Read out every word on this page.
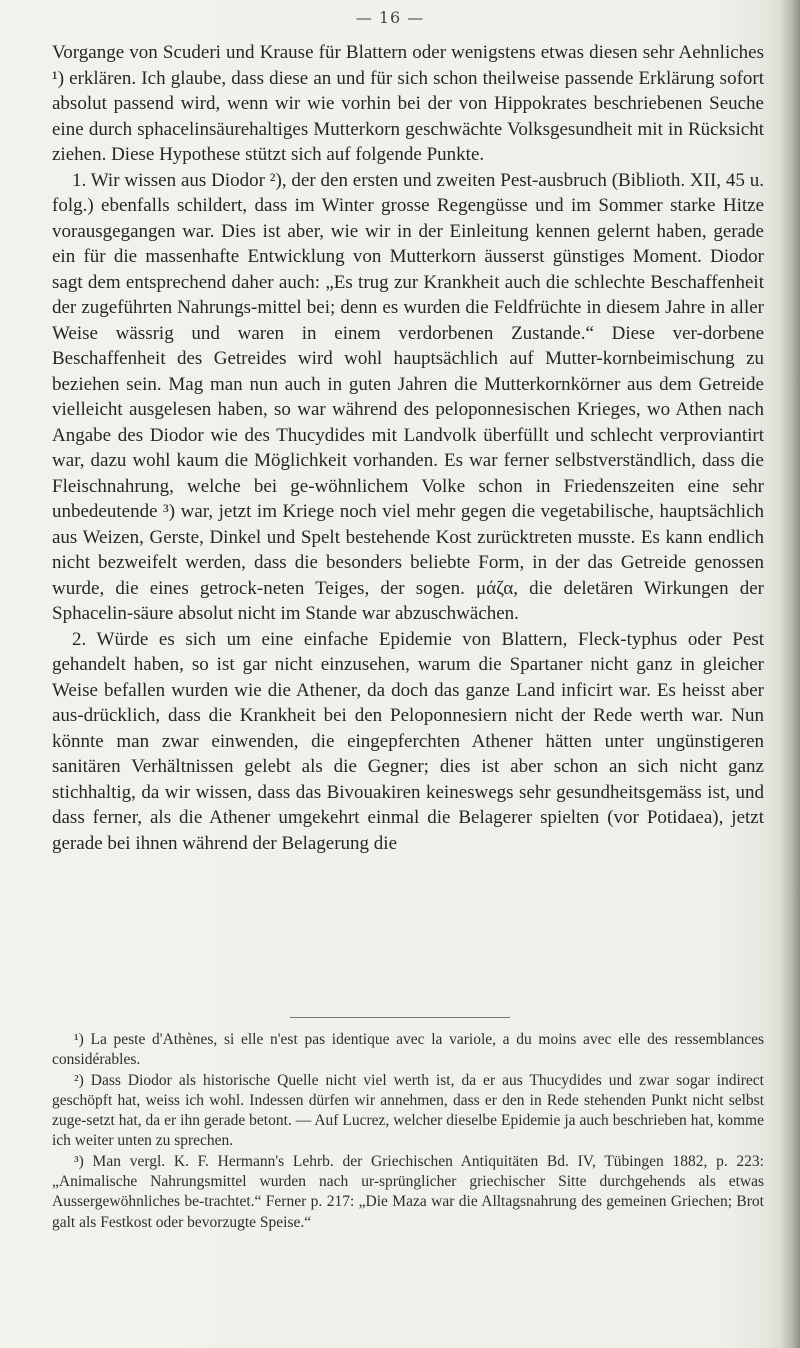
— 16 —

Vorgange von Scuderi und Krause für Blattern oder wenigstens etwas diesen sehr Aehnliches ¹) erklären. Ich glaube, dass diese an und für sich schon theilweise passende Erklärung sofort absolut passend wird, wenn wir wie vorhin bei der von Hippokrates beschriebenen Seuche eine durch sphacelinsäurehaltiges Mutterkorn geschwächte Volksgesundheit mit in Rücksicht ziehen. Diese Hypothese stützt sich auf folgende Punkte.

1. Wir wissen aus Diodor ²), der den ersten und zweiten Pest-ausbruch (Biblioth. XII, 45 u. folg.) ebenfalls schildert, dass im Winter grosse Regengüsse und im Sommer starke Hitze vorausgegangen war. Dies ist aber, wie wir in der Einleitung kennen gelernt haben, gerade ein für die massenhafte Entwicklung von Mutterkorn äusserst günstiges Moment. Diodor sagt dem entsprechend daher auch: „Es trug zur Krankheit auch die schlechte Beschaffenheit der zugeführten Nahrungs-mittel bei; denn es wurden die Feldfrüchte in diesem Jahre in aller Weise wässrig und waren in einem verdorbenen Zustande.“ Diese ver-dorbene Beschaffenheit des Getreides wird wohl hauptsächlich auf Mutter-kornbeimischung zu beziehen sein. Mag man nun auch in guten Jahren die Mutterkornkörner aus dem Getreide vielleicht ausgelesen haben, so war während des peloponnesischen Krieges, wo Athen nach Angabe des Diodor wie des Thucydides mit Landvolk überfüllt und schlecht verproviantirt war, dazu wohl kaum die Möglichkeit vorhanden. Es war ferner selbstverständlich, dass die Fleischnahrung, welche bei ge-wöhnlichem Volke schon in Friedenszeiten eine sehr unbedeutende ³) war, jetzt im Kriege noch viel mehr gegen die vegetabilische, hauptsächlich aus Weizen, Gerste, Dinkel und Spelt bestehende Kost zurücktreten musste. Es kann endlich nicht bezweifelt werden, dass die besonders beliebte Form, in der das Getreide genossen wurde, die eines getrock-neten Teiges, der sogen. μάζα, die deletären Wirkungen der Sphacelin-säure absolut nicht im Stande war abzuschwächen.

2. Würde es sich um eine einfache Epidemie von Blattern, Fleck-typhus oder Pest gehandelt haben, so ist gar nicht einzusehen, warum die Spartaner nicht ganz in gleicher Weise befallen wurden wie die Athener, da doch das ganze Land inficirt war. Es heisst aber aus-drücklich, dass die Krankheit bei den Peloponnesiern nicht der Rede werth war. Nun könnte man zwar einwenden, die eingepferchten Athener hätten unter ungünstigeren sanitären Verhältnissen gelebt als die Gegner; dies ist aber schon an sich nicht ganz stichhaltig, da wir wissen, dass das Bivouakiren keineswegs sehr gesundheitsgemäss ist, und dass ferner, als die Athener umgekehrt einmal die Belagerer spielten (vor Potidaea), jetzt gerade bei ihnen während der Belagerung die

¹) La peste d'Athènes, si elle n'est pas identique avec la variole, a du moins avec elle des ressemblances considérables.

²) Dass Diodor als historische Quelle nicht viel werth ist, da er aus Thucydides und zwar sogar indirect geschöpft hat, weiss ich wohl. Indessen dürfen wir annehmen, dass er den in Rede stehenden Punkt nicht selbst zuge-setzt hat, da er ihn gerade betont. — Auf Lucrez, welcher dieselbe Epidemie ja auch beschrieben hat, komme ich weiter unten zu sprechen.

³) Man vergl. K. F. Hermann's Lehrb. der Griechischen Antiquitäten Bd. IV, Tübingen 1882, p. 223: „Animalische Nahrungsmittel wurden nach ur-sprünglicher griechischer Sitte durchgehends als etwas Aussergewöhnliches be-trachtet.“ Ferner p. 217: „Die Maza war die Alltagsnahrung des gemeinen Griechen; Brot galt als Festkost oder bevorzugte Speise.“
